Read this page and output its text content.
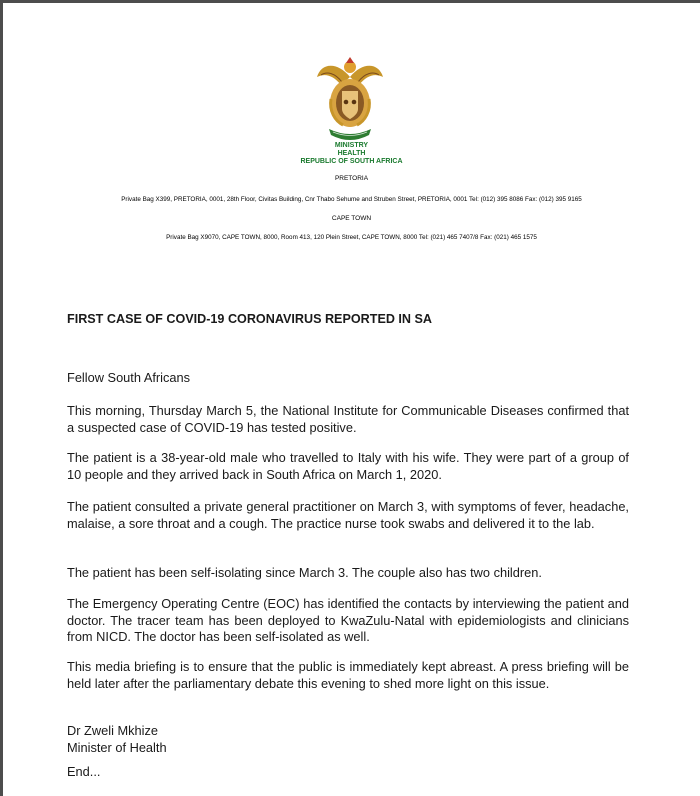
MINISTRY
HEALTH
REPUBLIC OF SOUTH AFRICA
PRETORIA
Private Bag X399, PRETORIA, 0001, 28th Floor, Civitas Building, Cnr Thabo Sehume and Struben Street, PRETORIA, 0001 Tel: (012) 395 8086 Fax: (012) 395 9165
CAPE TOWN
Private Bag X9070, CAPE TOWN, 8000, Room 413, 120 Plein Street, CAPE TOWN, 8000 Tel: (021) 465 7407/8 Fax: (021) 465 1575
FIRST CASE OF COVID-19 CORONAVIRUS REPORTED IN SA

Fellow South Africans

This morning, Thursday March 5, the National Institute for Communicable Diseases confirmed that a suspected case of COVID-19 has tested positive.

The patient is a 38-year-old male who travelled to Italy with his wife. They were part of a group of 10 people and they arrived back in South Africa on March 1, 2020.

The patient consulted a private general practitioner on March 3, with symptoms of fever, headache, malaise, a sore throat and a cough. The practice nurse took swabs and delivered it to the lab.

The patient has been self-isolating since March 3. The couple also has two children.

The Emergency Operating Centre (EOC) has identified the contacts by interviewing the patient and doctor. The tracer team has been deployed to KwaZulu-Natal with epidemiologists and clinicians from NICD. The doctor has been self-isolated as well.

This media briefing is to ensure that the public is immediately kept abreast. A press briefing will be held later after the parliamentary debate this evening to shed more light on this issue.

Dr Zweli Mkhize
Minister of Health
End...
